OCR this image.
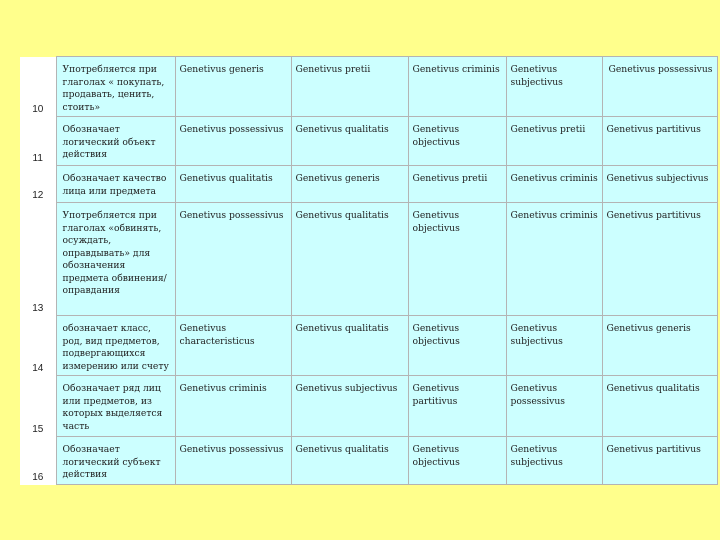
10	Употребляется при глаголах « покупать, продавать, ценить, стоить»	Genetivus generis	Genetivus pretii	Genetivus criminis	Genetivus subjectivus	Genetivus possessivus
11	Обозначает логический объект действия	Genetivus possessivus	Genetivus qualitatis	Genetivus objectivus	Genetivus pretii	Genetivus partitivus
12	Обозначает качество лица или предмета	Genetivus qualitatis	Genetivus generis	Genetivus pretii	Genetivus criminis	Genetivus subjectivus
13	Употребляется при глаголах «обвинять, осуждать, оправдывать» для обозначения предмета обвинения/оправдания	Genetivus possessivus	Genetivus qualitatis	Genetivus objectivus	Genetivus criminis	Genetivus partitivus
14	обозначает класс, род, вид предметов, подвергающихся измерению или счету	Genetivus characteristicus	Genetivus qualitatis	Genetivus objectivus	Genetivus subjectivus	Genetivus generis
15	Обозначает ряд лиц или предметов, из которых выделяется часть	Genetivus criminis	Genetivus subjectivus	Genetivus partitivus	Genetivus possessivus	Genetivus qualitatis
16	Обозначает логический субъект действия	Genetivus possessivus	Genetivus qualitatis	Genetivus objectivus	Genetivus subjectivus	Genetivus partitivus
